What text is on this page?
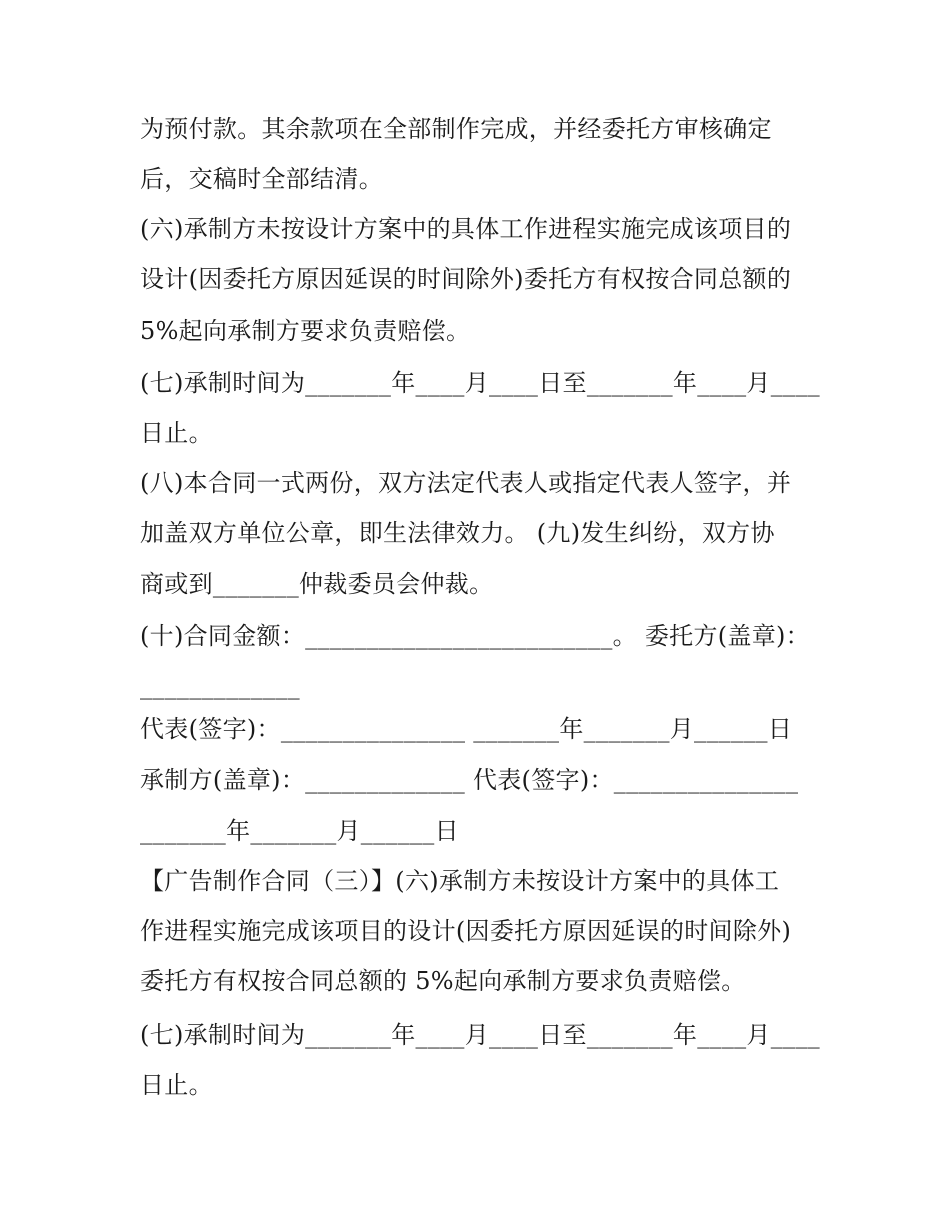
为预付款。其余款项在全部制作完成，并经委托方审核确定
后，交稿时全部结清。
(六)承制方未按设计方案中的具体工作进程实施完成该项目的
设计(因委托方原因延误的时间除外)委托方有权按合同总额的
5%起向承制方要求负责赔偿。
(七)承制时间为_______年____月____日至_______年____月____
日止。
(八)本合同一式两份，双方法定代表人或指定代表人签字，并
加盖双方单位公章，即生法律效力。 (九)发生纠纷，双方协
商或到_______仲裁委员会仲裁。
(十)合同金额：_________________________。 委托方(盖章)：
_____________
代表(签字)：_______________ _______年_______月______日
承制方(盖章)：_____________ 代表(签字)：_______________
_______年_______月______日
【广告制作合同（三）】(六)承制方未按设计方案中的具体工
作进程实施完成该项目的设计(因委托方原因延误的时间除外)
委托方有权按合同总额的 5%起向承制方要求负责赔偿。
(七)承制时间为_______年____月____日至_______年____月____
日止。
